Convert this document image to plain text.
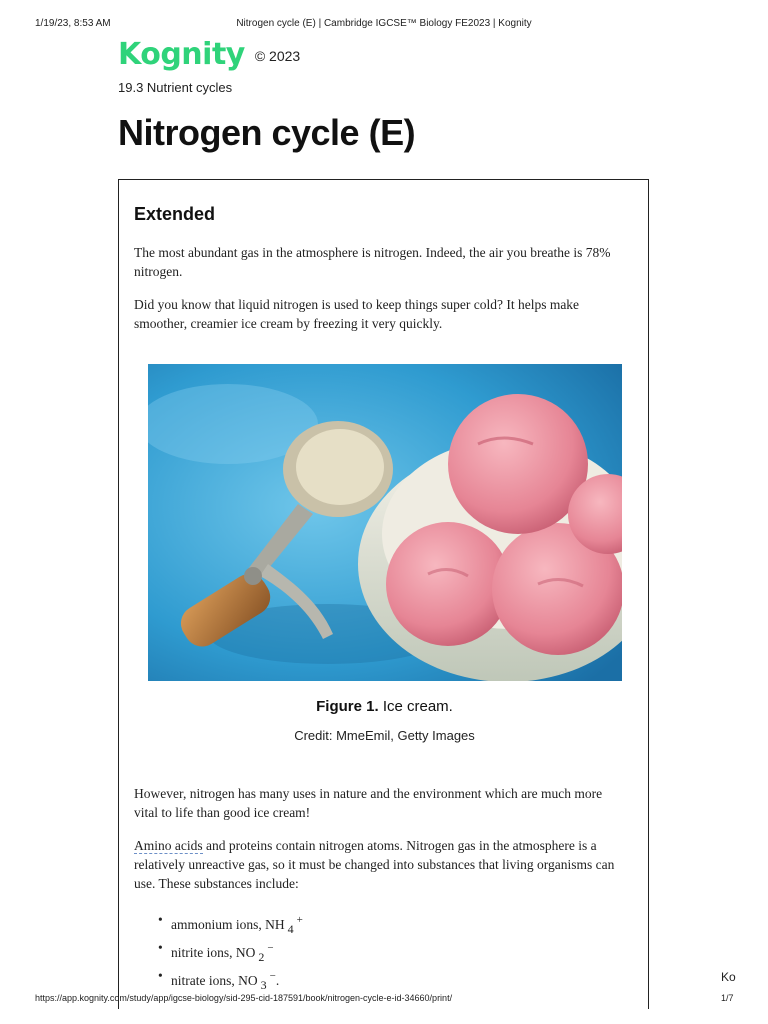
1/19/23, 8:53 AM	Nitrogen cycle (E) | Cambridge IGCSE™ Biology FE2023 | Kognity
Kognity © 2023
19.3 Nutrient cycles
Nitrogen cycle (E)
Extended

The most abundant gas in the atmosphere is nitrogen. Indeed, the air you breathe is 78% nitrogen.

Did you know that liquid nitrogen is used to keep things super cold? It helps make smoother, creamier ice cream by freezing it very quickly.

Figure 1. Ice cream.
Credit: MmeEmil, Getty Images

However, nitrogen has many uses in nature and the environment which are much more vital to life than good ice cream!

Amino acids and proteins contain nitrogen atoms. Nitrogen gas in the atmosphere is a relatively unreactive gas, so it must be changed into substances that living organisms can use. These substances include:

• ammonium ions, NH $_4$+
• nitrite ions, NO $_2$−
• nitrate ions, NO $_3$−.	Ko
https://app.kognity.com/study/app/igcse-biology/sid-295-cid-187591/book/nitrogen-cycle-e-id-34660/print/	1/7
